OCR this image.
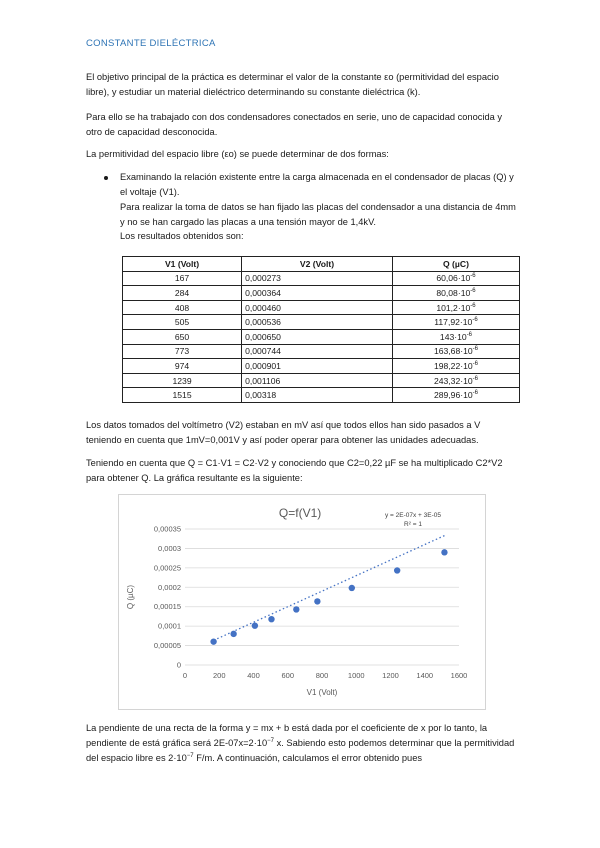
CONSTANTE DIELÉCTRICA
El objetivo principal de la práctica es determinar el valor de la constante εo (permitividad del espacio libre), y estudiar un material dieléctrico determinando su constante dieléctrica (k).
Para ello se ha trabajado con dos condensadores conectados en serie, uno de capacidad conocida y otro de capacidad desconocida.
La permitividad del espacio libre (εo) se puede determinar de dos formas:
Examinando la relación existente entre la carga almacenada en el condensador de placas (Q) y el voltaje (V1).
Para realizar la toma de datos se han fijado las placas del condensador a una distancia de 4mm y no se han cargado las placas a una tensión mayor de 1,4kV.
Los resultados obtenidos son:
V1 (Volt)	V2 (Volt)	Q (µC)
167	0,000273	$60,06\cdot 10^{-6}$
284	0,000364	$80,08\cdot 10^{-6}$
408	0,000460	$101,2\cdot 10^{-6}$
505	0,000536	$117,92\cdot 10^{-6}$
650	0,000650	$143\cdot 10^{-6}$
773	0,000744	$163,68\cdot 10^{-6}$
974	0,000901	$198,22\cdot 10^{-6}$
1239	0,001106	$243,32\cdot 10^{-6}$
1515	0,00318	$289,96\cdot 10^{-6}$
Los datos tomados del voltímetro (V2) estaban en mV así que todos ellos han sido pasados a V teniendo en cuenta que 1mV=0,001V y así poder operar para obtener las unidades adecuadas.
Teniendo en cuenta que Q = C1·V1 = C2·V2 y conociendo que C2=0,22 µF se ha multiplicado C2*V2 para obtener Q. La gráfica resultante es la siguiente:
0
0,00005
0,0001
0,00015
0,0002
0,00025
0,0003
0,00035
0	200	400	600	800	1000 1200 1400 1600
V1 (Volt)
Q (µC)
Q=f(V1)	y = 2E-07x + 3E-05
R² = 1
La pendiente de una recta de la forma y = mx + b está dada por el coeficiente de x por lo tanto, la pendiente de está gráfica será $2E-07x=2\cdot 10^{-7}$ x. Sabiendo esto podemos determinar que la permitividad del espacio libre es $2\cdot 10^{-7}$ F/m. A continuación, calculamos el error obtenido pues
